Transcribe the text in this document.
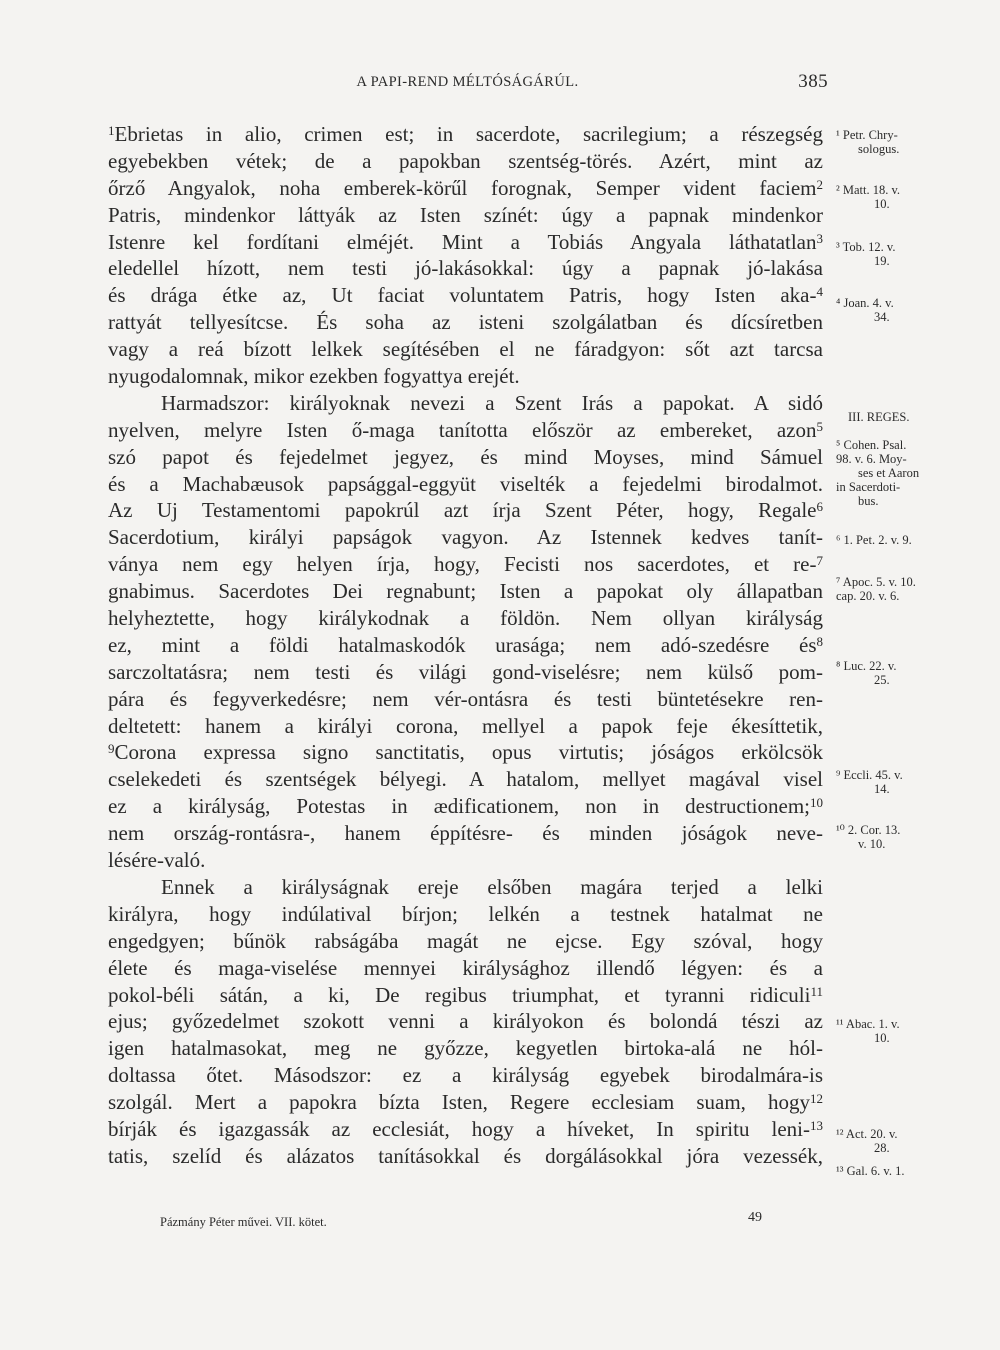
A PAPI-REND MÉLTÓSÁGÁRÚL.	385
$^1$Ebrietas in alio, crimen est; in sacerdote, sacrilegium; a részegség
egyebekben vétek; de a papokban szentség-törés. Azért, mint az
őrző Angyalok, noha emberek-körűl forognak, Semper vident faciem$^2$
Patris, mindenkor láttyák az Isten színét: úgy a papnak mindenkor
Istenre kel fordítani elméjét. Mint a Tobiás Angyala láthatatlan$^3$
eledellel hízott, nem testi jó-lakásokkal: úgy a papnak jó-lakása
és drága étke az, Ut faciat voluntatem Patris, hogy Isten aka-$^4$
rattyát tellyesítcse. És soha az isteni szolgálatban és dícsíretben
vagy a reá bízott lelkek segítésében el ne fáradgyon: sőt azt tarcsa
nyugodalomnak, mikor ezekben fogyattya erejét.
Harmadszor: királyoknak nevezi a Szent Irás a papokat. A sidó
nyelven, melyre Isten ő-maga tanította először az embereket, azon$^5$
szó papot és fejedelmet jegyez, és mind Moyses, mind Sámuel
és a Machabæusok papsággal-eggyüt viselték a fejedelmi birodalmot.
Az Uj Testamentomi papokrúl azt írja Szent Péter, hogy, Regale$^6$
Sacerdotium, királyi papságok vagyon. Az Istennek kedves tanít-
ványa nem egy helyen írja, hogy, Fecisti nos sacerdotes, et re-$^7$
gnabimus. Sacerdotes Dei regnabunt; Isten a papokat oly állapatban
helyheztette, hogy királykodnak a földön. Nem ollyan királyság
ez, mint a földi hatalmaskodók urasága; nem adó-szedésre $és^8$
sarczoltatásra; nem testi és világi gond-viselésre; nem külső pom-
pára és fegyverkedésre; nem vér-ontásra és testi büntetésekre ren-
deltetett: hanem a királyi corona, mellyel a papok feje ékesíttetik,
$^9$Corona expressa signo sanctitatis, opus virtutis; jóságos erkölcsök
cselekedeti és szentségek bélyegi. A hatalom, mellyet magával visel
ez a királyság, Potestas in ædificationem, non in destructionem;$^{10}$
nem ország-rontásra-, hanem éppítésre- és minden jóságok neve-
lésére-való.
Ennek a királyságnak ereje elsőben magára terjed a lelki
királyra, hogy indúlatival bírjon; lelkén a testnek hatalmat ne
engedgyen; bűnök rabságába magát ne ejcse. Egy szóval, hogy
élete és maga-viselése mennyei királysághoz illendő légyen: és a
pokol-béli sátán, a ki, De regibus triumphat, et tyranni ridiculi$^{11}$
ejus; győzedelmet szokott venni a királyokon és bolondá tészi az
igen hatalmasokat, meg ne győzze, kegyetlen birtoka-alá ne hól-
doltassa őtet. Másodszor: ez a királyság egyebek birodalmára-is
szolgál. Mert a papokra bízta Isten, Regere ecclesiam suam, hogy$^{12}$
bírják és igazgassák az ecclesiát, hogy a híveket, In spiritu leni-$^{13}$
tatis, szelíd és alázatos tanításokkal és dorgálásokkal jóra vezessék,
¹ Petr. Chry-
sologus.
² Matt. 18. v.
10.
³ Tob. 12. v.
19.
⁴ Joan. 4. v.
34.
III. REGES.
⁵ Cohen. Psal.
98. v. 6. Moy-
ses et Aaron
in Sacerdoti-
bus.
⁶ 1. Pet. 2. v. 9.
⁷ Apoc. 5. v. 10.
cap. 20. v. 6.
⁸ Luc. 22. v.
25.
⁹ Eccli. 45. v.
14.
¹⁰ 2. Cor. 13.
v. 10.
¹¹ Abac. 1. v.
10.
¹² Act. 20. v.
28.
¹³ Gal. 6. v. 1.
Pázmány Péter művei. VII. kötet.	49
